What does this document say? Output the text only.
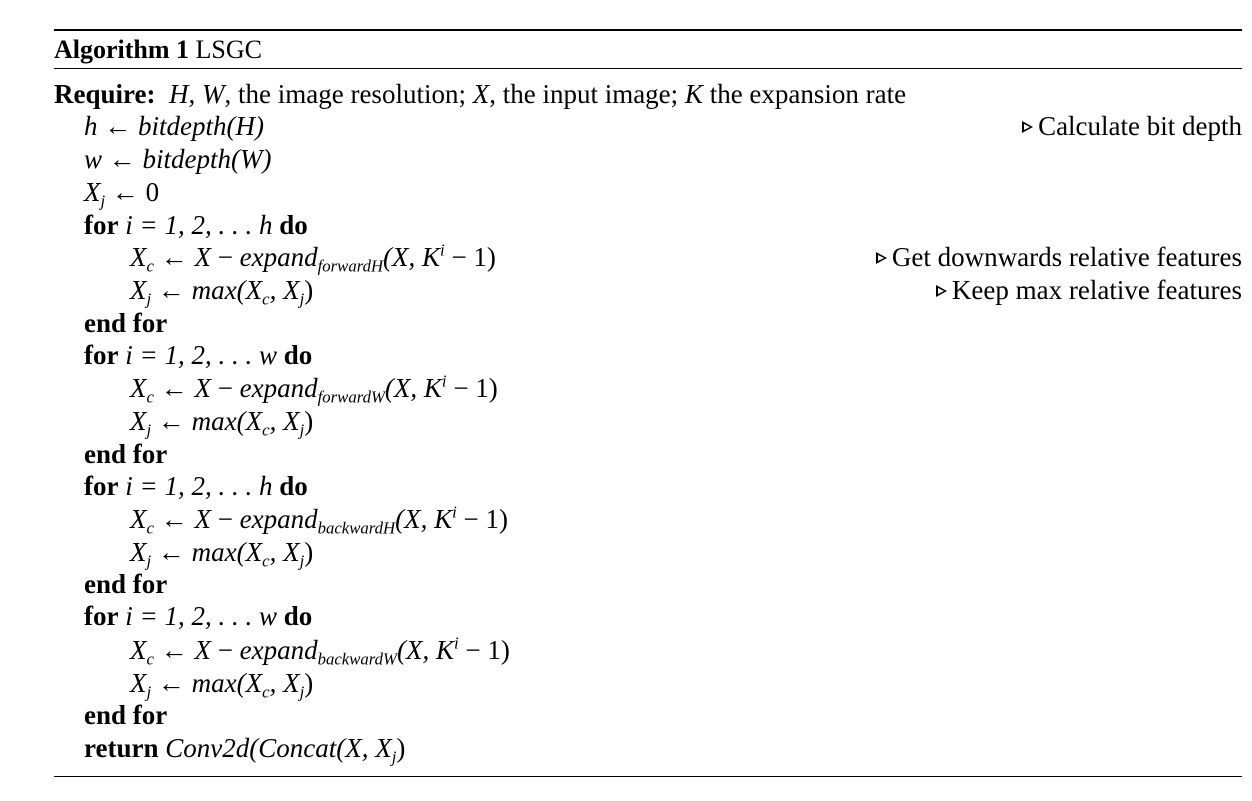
Algorithm 1 LSGC
Require: H, W, the image resolution; X, the input image; K the expansion rate
h ← bitdepth(H)	Calculate bit depth
w ← bitdepth(W)
$X_j$ ← 0
for i = 1, 2, . . . h do
$X_c$ ← X − expand$_{forwardH}$(X, $K^i - 1$)	Get downwards relative features
$X_j$ ← $\max(X_c$, $X_j$)	Keep max relative features
end for
for i = 1, 2, . . . w do
$X_c$ ← X − expand$_{forwardW}$(X, $K^i - 1$)
$X_j$ ← $\max(X_c$, $X_j$)
end for
for i = 1, 2, . . . h do
$X_c$ ← X − expand$_{backwardH}$(X, $K^i - 1$)
$X_j$ ← $\max(X_c$, $X_j$)
end for
for i = 1, 2, . . . w do
$X_c$ ← X − expand$_{backwardW}$(X, $K^i - 1$)
$X_j$ ← $\max(X_c$, $X_j$)
end for
return Conv2d(Concat(X, $X_j$)
